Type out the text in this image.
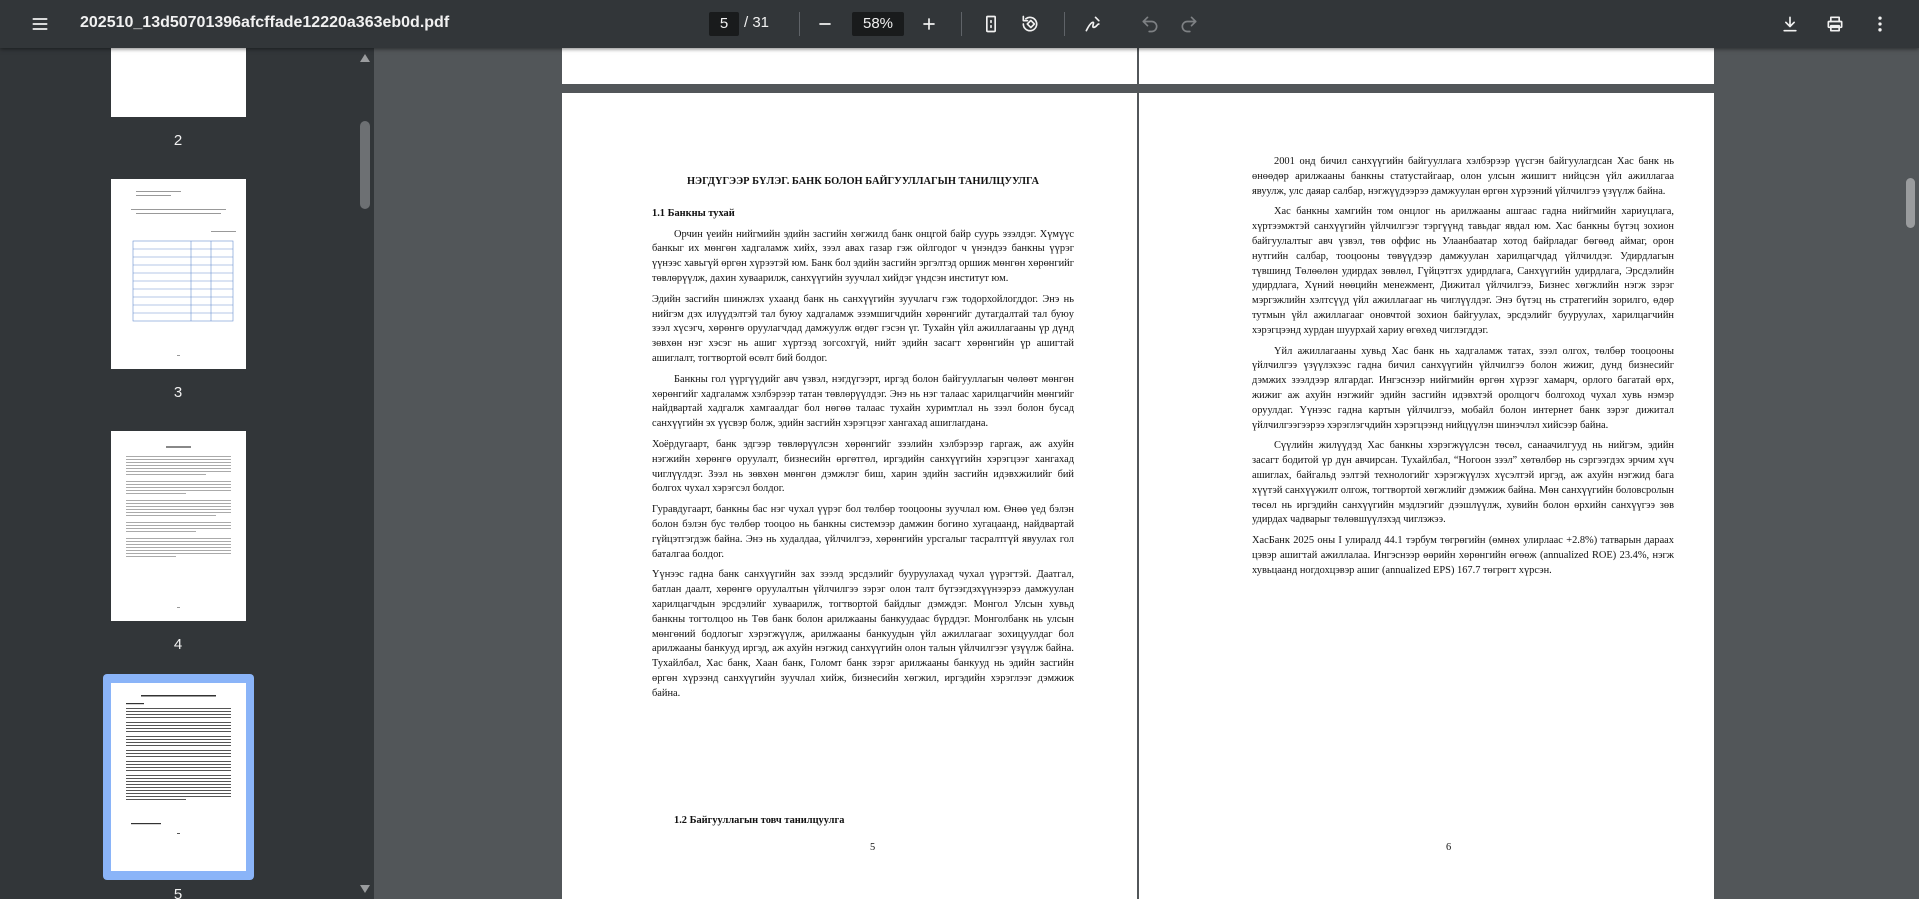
202510_13d50701396afcffade12220a363eb0d.pdf	5	/ 31	58%
2
3
4
5

НЭГДҮГЭЭР БҮЛЭГ. БАНК БОЛОН БАЙГУУЛЛАГЫН ТАНИЛЦУУЛГА

1.1 Банкны тухай

Орчин үеийн нийгмийн эдийн засгийн хөгжилд банк онцгой байр суурь эзэлдэг. Хүмүүс банкыг их мөнгөн хадгаламж хийх, зээл авах газар гэж ойлгодог ч үнэндээ банкны үүрэг үүнээс хавьгүй өргөн хүрээтэй юм. Банк бол эдийн засгийн эргэлтэд оршиж мөнгөн хөрөнгийг төвлөрүүлж, дахин хуваарилж, санхүүгийн зуучлал хийдэг үндсэн институт юм.

Эдийн засгийн шинжлэх ухаанд банк нь санхүүгийн зуучлагч гэж тодорхойлогддог. Энэ нь нийгэм дэх илүүдэлтэй тал буюу хадгаламж эзэмшигчдийн хөрөнгийг дутагдалтай тал буюу зээл хүсэгч, хөрөнгө оруулагчдад дамжуулж өгдөг гэсэн үг. Тухайн үйл ажиллагааны үр дүнд зөвхөн нэг хэсэг нь ашиг хүртээд зогсохгүй, нийт эдийн засагт хөрөнгийн үр ашигтай ашиглалт, тогтвортой өсөлт бий болдог.

Банкны гол үүргүүдийг авч үзвэл, нэгдүгээрт, иргэд болон байгууллагын чөлөөт мөнгөн хөрөнгийг хадгаламж хэлбэрээр татан төвлөрүүлдэг. Энэ нь нэг талаас харилцагчийн мөнгийг найдвартай хадгалж хамгаалдаг бол нөгөө талаас тухайн хуримтлал нь зээл болон бусад санхүүгийн эх үүсвэр болж, эдийн засгийн хэрэгцээг хангахад ашиглагдана.

Хоёрдугаарт, банк эдгээр төвлөрүүлсэн хөрөнгийг зээлийн хэлбэрээр гаргаж, аж ахуйн нэгжийн хөрөнгө оруулалт, бизнесийн өргөтгөл, иргэдийн санхүүгийн хэрэгцээг хангахад чиглүүлдэг. Зээл нь зөвхөн мөнгөн дэмжлэг биш, харин эдийн засгийн идэвхжилийг бий болгох чухал хэрэгсэл болдог.

Гуравдугаарт, банкны бас нэг чухал үүрэг бол төлбөр тооцооны зуучлал юм. Өнөө үед бэлэн болон бэлэн бус төлбөр тооцоо нь банкны системээр дамжин богино хугацаанд, найдвартай гүйцэтгэгдэж байна. Энэ нь худалдаа, үйлчилгээ, хөрөнгийн урсгалыг тасралтгүй явуулах гол баталгаа болдог.

Үүнээс гадна банк санхүүгийн зах зээлд эрсдэлийг бууруулахад чухал үүрэгтэй. Даатгал, батлан даалт, хөрөнгө оруулалтын үйлчилгээ зэрэг олон талт бүтээгдэхүүнээрээ дамжуулан харилцагчдын эрсдэлийг хуваарилж, тогтвортой байдлыг дэмждэг. Монгол Улсын хувьд банкны тогтолцоо нь Төв банк болон арилжааны банкуудаас бүрддэг. Монголбанк нь улсын мөнгөний бодлогыг хэрэгжүүлж, арилжааны банкуудын үйл ажиллагааг зохицуулдаг бол арилжааны банкууд иргэд, аж ахуйн нэгжид санхүүгийн олон талын үйлчилгээг үзүүлж байна. Тухайлбал, Хас банк, Хаан банк, Голомт банк зэрэг арилжааны банкууд нь эдийн засгийн өргөн хүрээнд санхүүгийн зуучлал хийж, бизнесийн хөгжил, иргэдийн хэрэглээг дэмжиж байна.

1.2 Байгууллагын товч танилцуулга
5

2001 онд бичил санхүүгийн байгууллага хэлбэрээр үүсгэн байгуулагдсан Хас банк нь өнөөдөр арилжааны банкны статустайгаар, олон улсын жишигт нийцсэн үйл ажиллагаа явуулж, улс даяар салбар, нэгжүүдээрээ дамжуулан өргөн хүрээний үйлчилгээ үзүүлж байна.

Хас банкны хамгийн том онцлог нь арилжааны ашгаас гадна нийгмийн хариуцлага, хүртээмжтэй санхүүгийн үйлчилгээг тэргүүнд тавьдаг явдал юм. Хас банкны бүтэц зохион байгуулалтыг авч үзвэл, төв оффис нь Улаанбаатар хотод байрладаг бөгөөд аймаг, орон нутгийн салбар, тооцооны төвүүдээр дамжуулан харилцагчдад үйлчилдэг. Удирдлагын түвшинд Төлөөлөн удирдах зөвлөл, Гүйцэтгэх удирдлага, Санхүүгийн удирдлага, Эрсдэлийн удирдлага, Хүний нөөцийн менежмент, Дижитал үйлчилгээ, Бизнес хөгжлийн нэгж зэрэг мэргэжлийн хэлтсүүд үйл ажиллагааг нь чиглүүлдэг. Энэ бүтэц нь стратегийн зорилго, өдөр тутмын үйл ажиллагааг оновчтой зохион байгуулах, эрсдэлийг бууруулах, харилцагчийн хэрэгцээнд хурдан шуурхай хариу өгөхөд чиглэгддэг.

Үйл ажиллагааны хувьд Хас банк нь хадгаламж татах, зээл олгох, төлбөр тооцооны үйлчилгээ үзүүлэхээс гадна бичил санхүүгийн үйлчилгээ болон жижиг, дунд бизнесийг дэмжих зээлдээр ялгардаг. Ингэснээр нийгмийн өргөн хүрээг хамарч, орлого багатай өрх, жижиг аж ахуйн нэгжийг эдийн засгийн идэвхтэй оролцогч болгоход чухал хувь нэмэр оруулдаг. Үүнээс гадна картын үйлчилгээ, мобайл болон интернет банк зэрэг дижитал үйлчилгээгээрээ хэрэглэгчдийн хэрэгцээнд нийцүүлэн шинэчлэл хийсээр байна.

Сүүлийн жилүүдэд Хас банкны хэрэгжүүлсэн төсөл, санаачилгууд нь нийгэм, эдийн засагт бодитой үр дүн авчирсан. Тухайлбал, “Ногоон зээл” хөтөлбөр нь сэргээгдэх эрчим хүч ашиглах, байгальд ээлтэй технологийг хэрэгжүүлэх хүсэлтэй иргэд, аж ахуйн нэгжид бага хүүтэй санхүүжилт олгож, тогтвортой хөгжлийг дэмжиж байна. Мөн санхүүгийн боловсролын төсөл нь иргэдийн санхүүгийн мэдлэгийг дээшлүүлж, хувийн болон өрхийн санхүүгээ зөв удирдах чадварыг төлөвшүүлэхэд чиглэжээ.

ХасБанк 2025 оны I улиралд 44.1 тэрбум төгрөгийн (өмнөх улирлаас +2.8%) татварын дараах цэвэр ашигтай ажиллалаа. Ингэснээр өөрийн хөрөнгийн өгөөж (annualized ROE) 23.4%, нэгж хувьцаанд ногдохцэвэр ашиг (annualized EPS) 167.7 төгрөгт хүрсэн.

6
